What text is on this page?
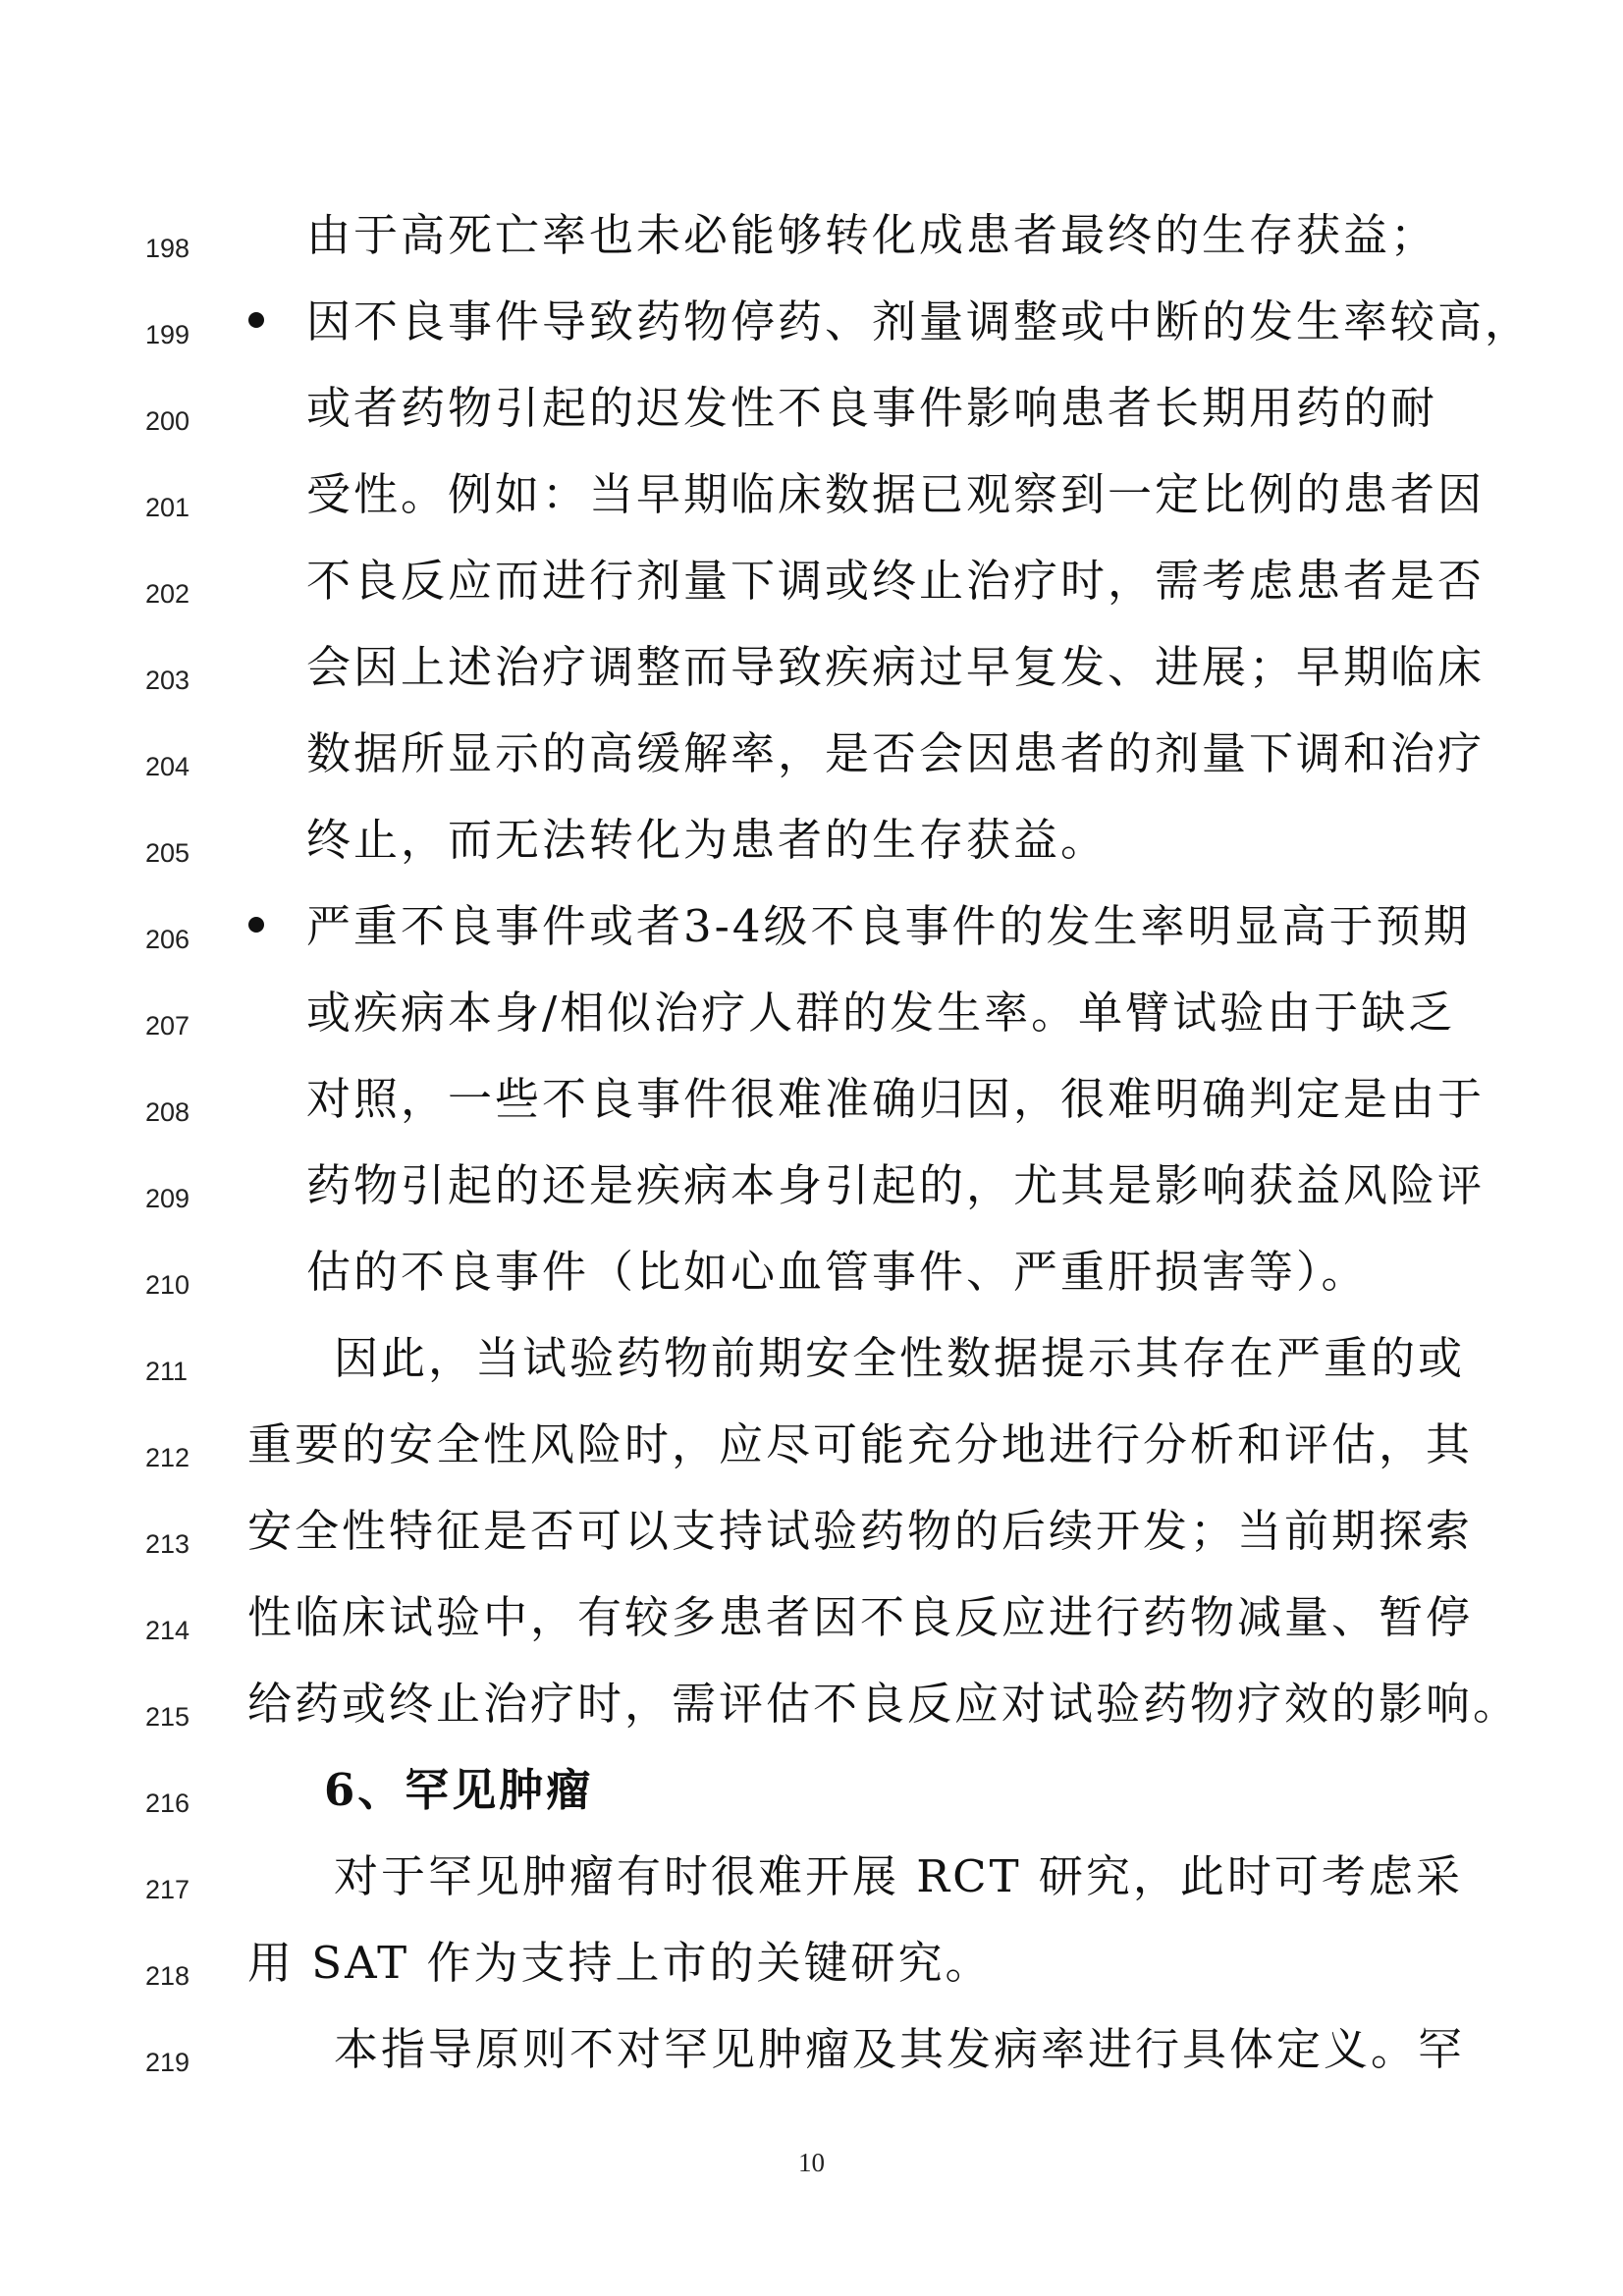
198	由于高死亡率也未必能够转化成患者最终的生存获益；
199	因不良事件导致药物停药、剂量调整或中断的发生率较高，
200	或者药物引起的迟发性不良事件影响患者长期用药的耐
201	受性。例如：当早期临床数据已观察到一定比例的患者因
202	不良反应而进行剂量下调或终止治疗时，需考虑患者是否
203	会因上述治疗调整而导致疾病过早复发、进展；早期临床
204	数据所显示的高缓解率，是否会因患者的剂量下调和治疗
205	终止，而无法转化为患者的生存获益。
206	严重不良事件或者3-4级不良事件的发生率明显高于预期
207	或疾病本身/相似治疗人群的发生率。单臂试验由于缺乏
208	对照，一些不良事件很难准确归因，很难明确判定是由于
209	药物引起的还是疾病本身引起的，尤其是影响获益风险评
210	估的不良事件（比如心血管事件、严重肝损害等）。
211	因此，当试验药物前期安全性数据提示其存在严重的或
212 重要的安全性风险时，应尽可能充分地进行分析和评估，其
213 安全性特征是否可以支持试验药物的后续开发；当前期探索
214 性临床试验中，有较多患者因不良反应进行药物减量、暂停
215 给药或终止治疗时，需评估不良反应对试验药物疗效的影响。
216	6、罕见肿瘤
217	对于罕见肿瘤有时很难开展 RCT 研究，此时可考虑采
218 用 SAT 作为支持上市的关键研究。
219	本指导原则不对罕见肿瘤及其发病率进行具体定义。罕
10
